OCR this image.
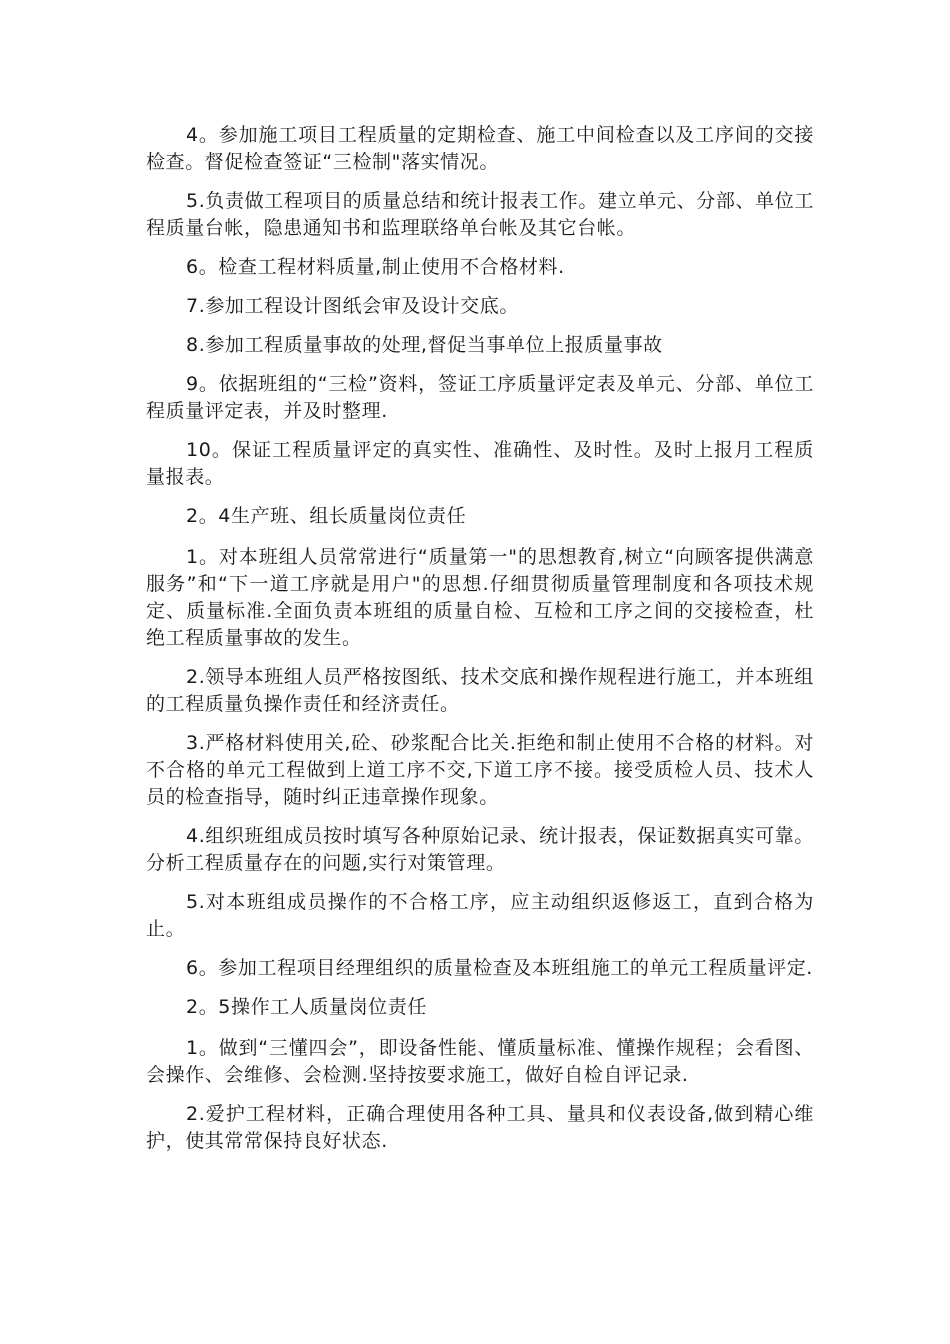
4。参加施工项目工程质量的定期检查、施工中间检查以及工序间的交接检查。督促检查签证“三检制"落实情况。

5.负责做工程项目的质量总结和统计报表工作。建立单元、分部、单位工程质量台帐，隐患通知书和监理联络单台帐及其它台帐。

6。检查工程材料质量,制止使用不合格材料.

7.参加工程设计图纸会审及设计交底。

8.参加工程质量事故的处理,督促当事单位上报质量事故

9。依据班组的“三检”资料，签证工序质量评定表及单元、分部、单位工程质量评定表，并及时整理.

10。保证工程质量评定的真实性、准确性、及时性。及时上报月工程质量报表。

2。4生产班、组长质量岗位责任

1。对本班组人员常常进行“质量第一"的思想教育,树立“向顾客提供满意服务”和“下一道工序就是用户"的思想.仔细贯彻质量管理制度和各项技术规定、质量标准.全面负责本班组的质量自检、互检和工序之间的交接检查，杜绝工程质量事故的发生。

2.领导本班组人员严格按图纸、技术交底和操作规程进行施工，并本班组的工程质量负操作责任和经济责任。

3.严格材料使用关,砼、砂浆配合比关.拒绝和制止使用不合格的材料。对不合格的单元工程做到上道工序不交,下道工序不接。接受质检人员、技术人员的检查指导，随时纠正违章操作现象。

4.组织班组成员按时填写各种原始记录、统计报表，保证数据真实可靠。分析工程质量存在的问题,实行对策管理。

5.对本班组成员操作的不合格工序，应主动组织返修返工，直到合格为止。

6。参加工程项目经理组织的质量检查及本班组施工的单元工程质量评定.

2。5操作工人质量岗位责任

1。做到“三懂四会”，即设备性能、懂质量标准、懂操作规程；会看图、会操作、会维修、会检测.坚持按要求施工，做好自检自评记录.

2.爱护工程材料，正确合理使用各种工具、量具和仪表设备,做到精心维护，使其常常保持良好状态.
